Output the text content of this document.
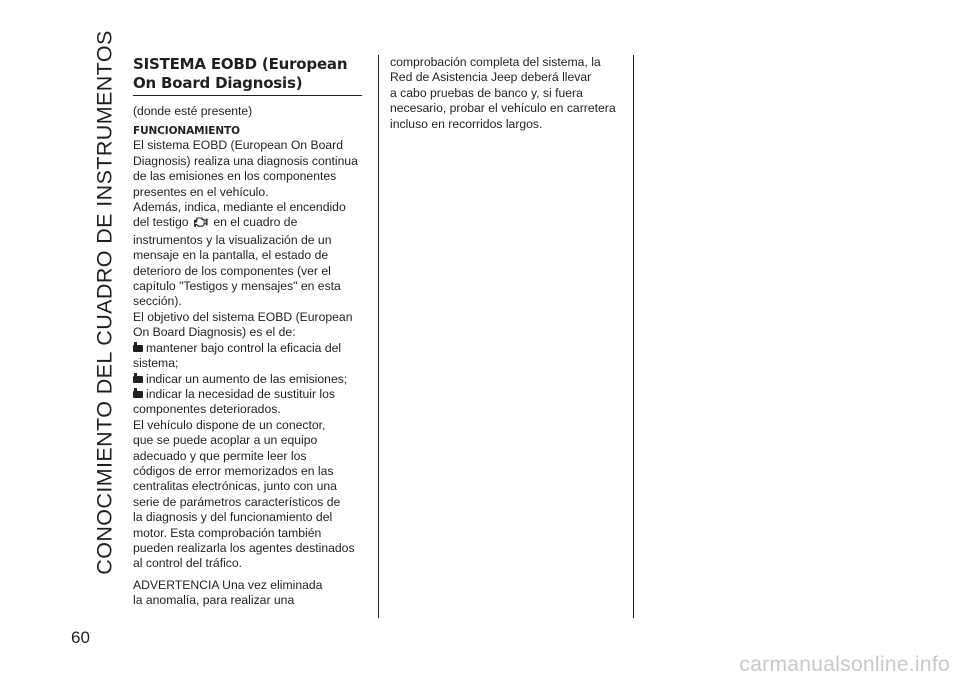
CONOCIMIENTO DEL CUADRO DE INSTRUMENTOS
60
SISTEMA EOBD (European
On Board Diagnosis)

(donde esté presente)

FUNCIONAMIENTO

El sistema EOBD (European On Board
Diagnosis) realiza una diagnosis continua
de las emisiones en los componentes
presentes en el vehículo.

Además, indica, mediante el encendido
del testigo en el cuadro de
instrumentos y la visualización de un
mensaje en la pantalla, el estado de
deterioro de los componentes (ver el
capítulo "Testigos y mensajes" en esta
sección).

El objetivo del sistema EOBD (European
On Board Diagnosis) es el de:

mantener bajo control la eficacia del
sistema;

indicar un aumento de las emisiones;

indicar la necesidad de sustituir los
componentes deteriorados.

El vehículo dispone de un conector,
que se puede acoplar a un equipo
adecuado y que permite leer los
códigos de error memorizados en las
centralitas electrónicas, junto con una
serie de parámetros característicos de
la diagnosis y del funcionamiento del
motor. Esta comprobación también
pueden realizarla los agentes destinados
al control del tráfico.

ADVERTENCIA Una vez eliminada
la anomalía, para realizar una

comprobación completa del sistema, la
Red de Asistencia Jeep deberá llevar
a cabo pruebas de banco y, si fuera
necesario, probar el vehículo en carretera
incluso en recorridos largos.

carmanualsonline.info
